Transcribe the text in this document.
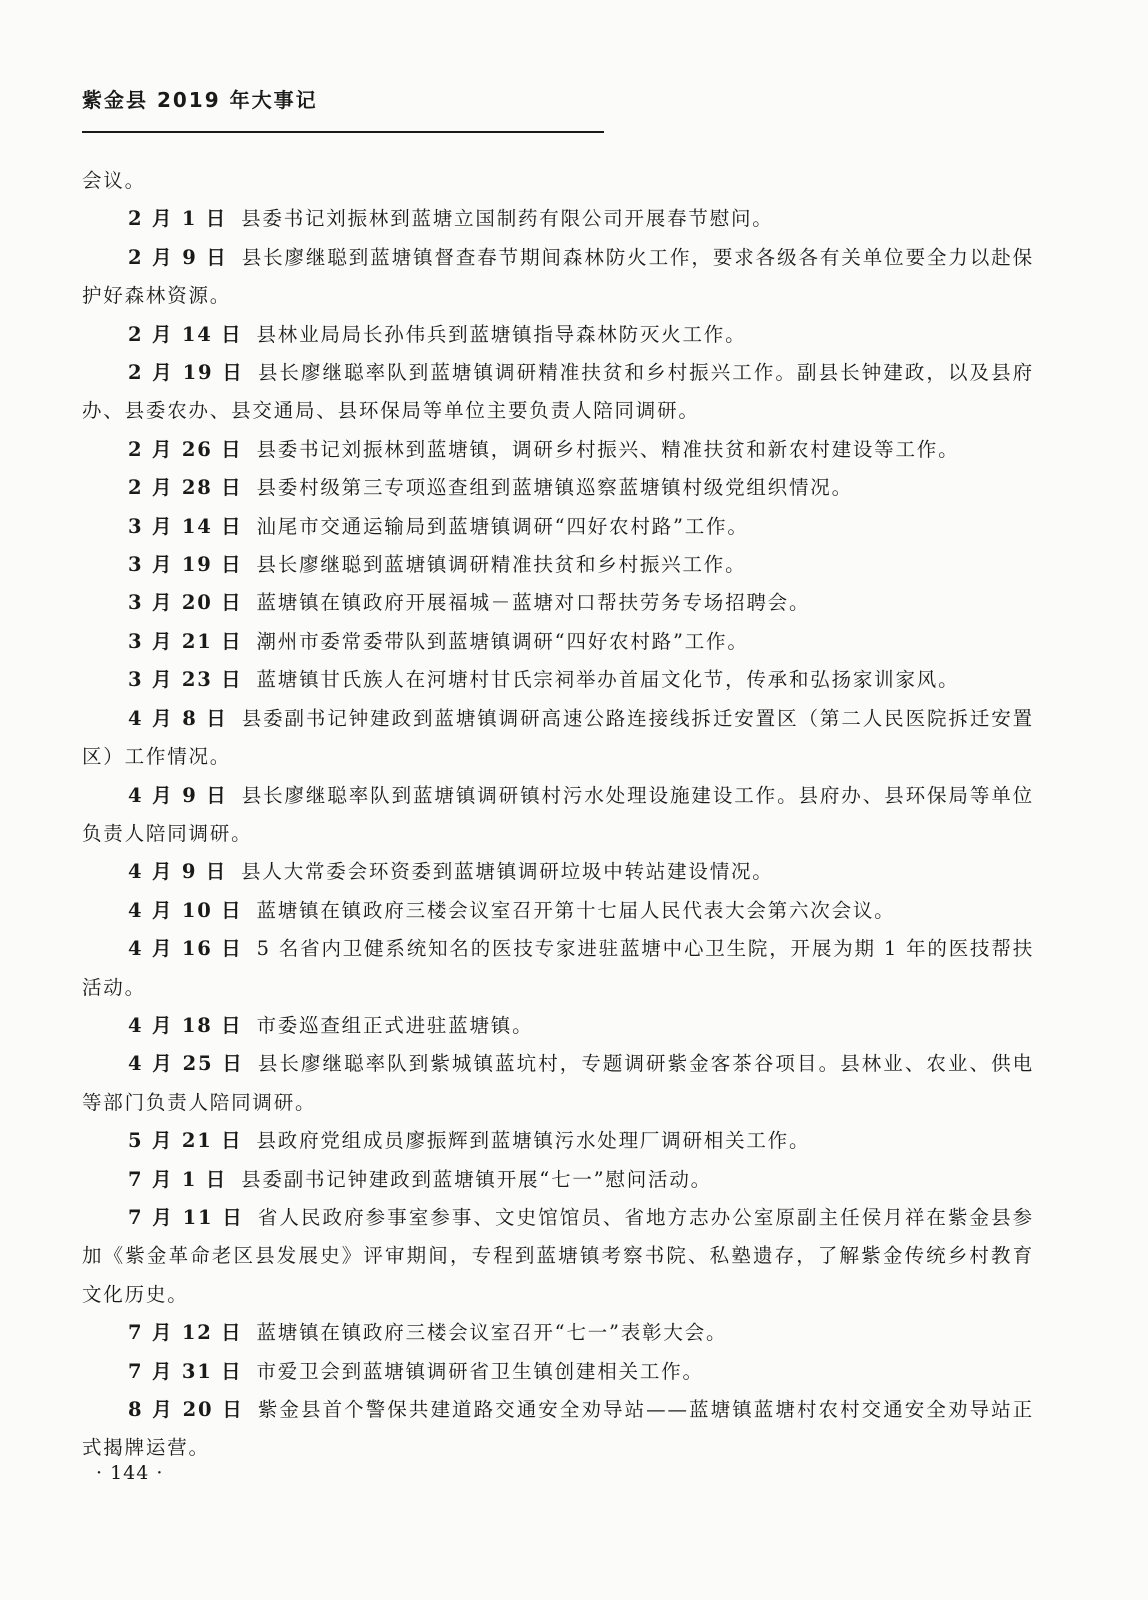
紫金县 2019 年大事记

会议。

2 月 1 日 县委书记刘振林到蓝塘立国制药有限公司开展春节慰问。

2 月 9 日 县长廖继聪到蓝塘镇督查春节期间森林防火工作，要求各级各有关单位要全力以赴保护好森林资源。

2 月 14 日 县林业局局长孙伟兵到蓝塘镇指导森林防灭火工作。

2 月 19 日 县长廖继聪率队到蓝塘镇调研精准扶贫和乡村振兴工作。副县长钟建政，以及县府办、县委农办、县交通局、县环保局等单位主要负责人陪同调研。

2 月 26 日 县委书记刘振林到蓝塘镇，调研乡村振兴、精准扶贫和新农村建设等工作。

2 月 28 日 县委村级第三专项巡查组到蓝塘镇巡察蓝塘镇村级党组织情况。

3 月 14 日 汕尾市交通运输局到蓝塘镇调研“四好农村路”工作。

3 月 19 日 县长廖继聪到蓝塘镇调研精准扶贫和乡村振兴工作。

3 月 20 日 蓝塘镇在镇政府开展福城－蓝塘对口帮扶劳务专场招聘会。

3 月 21 日 潮州市委常委带队到蓝塘镇调研“四好农村路”工作。

3 月 23 日 蓝塘镇甘氏族人在河塘村甘氏宗祠举办首届文化节，传承和弘扬家训家风。

4 月 8 日 县委副书记钟建政到蓝塘镇调研高速公路连接线拆迁安置区（第二人民医院拆迁安置区）工作情况。

4 月 9 日 县长廖继聪率队到蓝塘镇调研镇村污水处理设施建设工作。县府办、县环保局等单位负责人陪同调研。

4 月 9 日 县人大常委会环资委到蓝塘镇调研垃圾中转站建设情况。

4 月 10 日 蓝塘镇在镇政府三楼会议室召开第十七届人民代表大会第六次会议。

4 月 16 日 5 名省内卫健系统知名的医技专家进驻蓝塘中心卫生院，开展为期 1 年的医技帮扶活动。

4 月 18 日 市委巡查组正式进驻蓝塘镇。

4 月 25 日 县长廖继聪率队到紫城镇蓝坑村，专题调研紫金客茶谷项目。县林业、农业、供电等部门负责人陪同调研。

5 月 21 日 县政府党组成员廖振辉到蓝塘镇污水处理厂调研相关工作。

7 月 1 日 县委副书记钟建政到蓝塘镇开展“七一”慰问活动。

7 月 11 日 省人民政府参事室参事、文史馆馆员、省地方志办公室原副主任侯月祥在紫金县参加《紫金革命老区县发展史》评审期间，专程到蓝塘镇考察书院、私塾遗存，了解紫金传统乡村教育文化历史。

7 月 12 日 蓝塘镇在镇政府三楼会议室召开“七一”表彰大会。

7 月 31 日 市爱卫会到蓝塘镇调研省卫生镇创建相关工作。

8 月 20 日 紫金县首个警保共建道路交通安全劝导站——蓝塘镇蓝塘村农村交通安全劝导站正式揭牌运营。

· 144 ·
